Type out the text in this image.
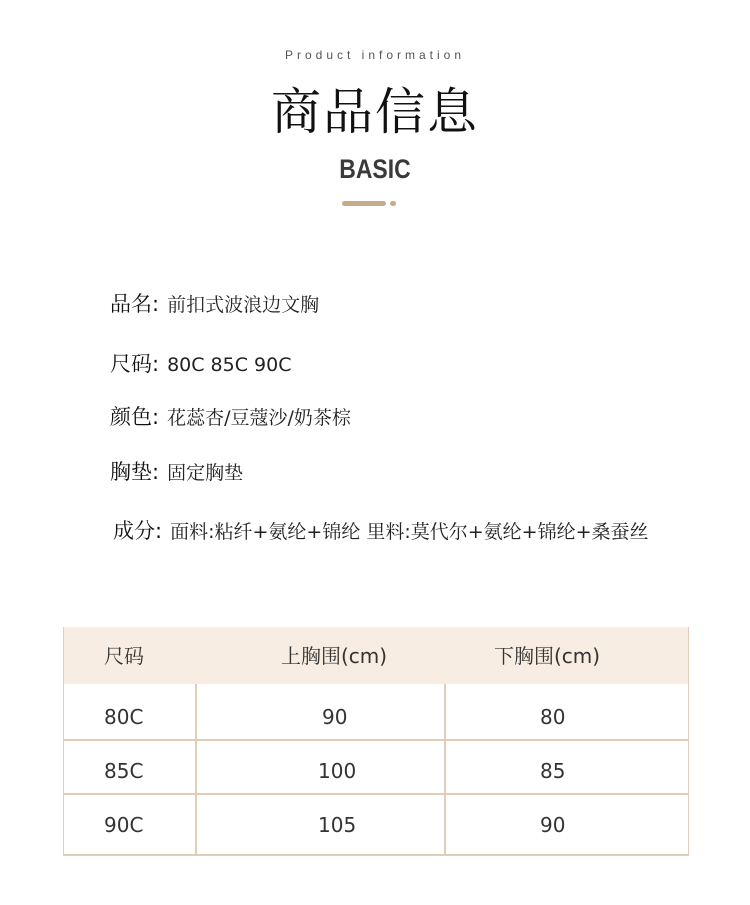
Product information
商品信息
BASIC
品名: 前扣式波浪边文胸
尺码: 80C 85C 90C
颜色: 花蕊杏/豆蔻沙/奶茶棕
胸垫: 固定胸垫
成分: 面料:粘纤+氨纶+锦纶 里料:莫代尔+氨纶+锦纶+桑蚕丝
尺码	上胸围(cm)	下胸围(cm)
80C	90	80
85C	100	85
90C	105	90
